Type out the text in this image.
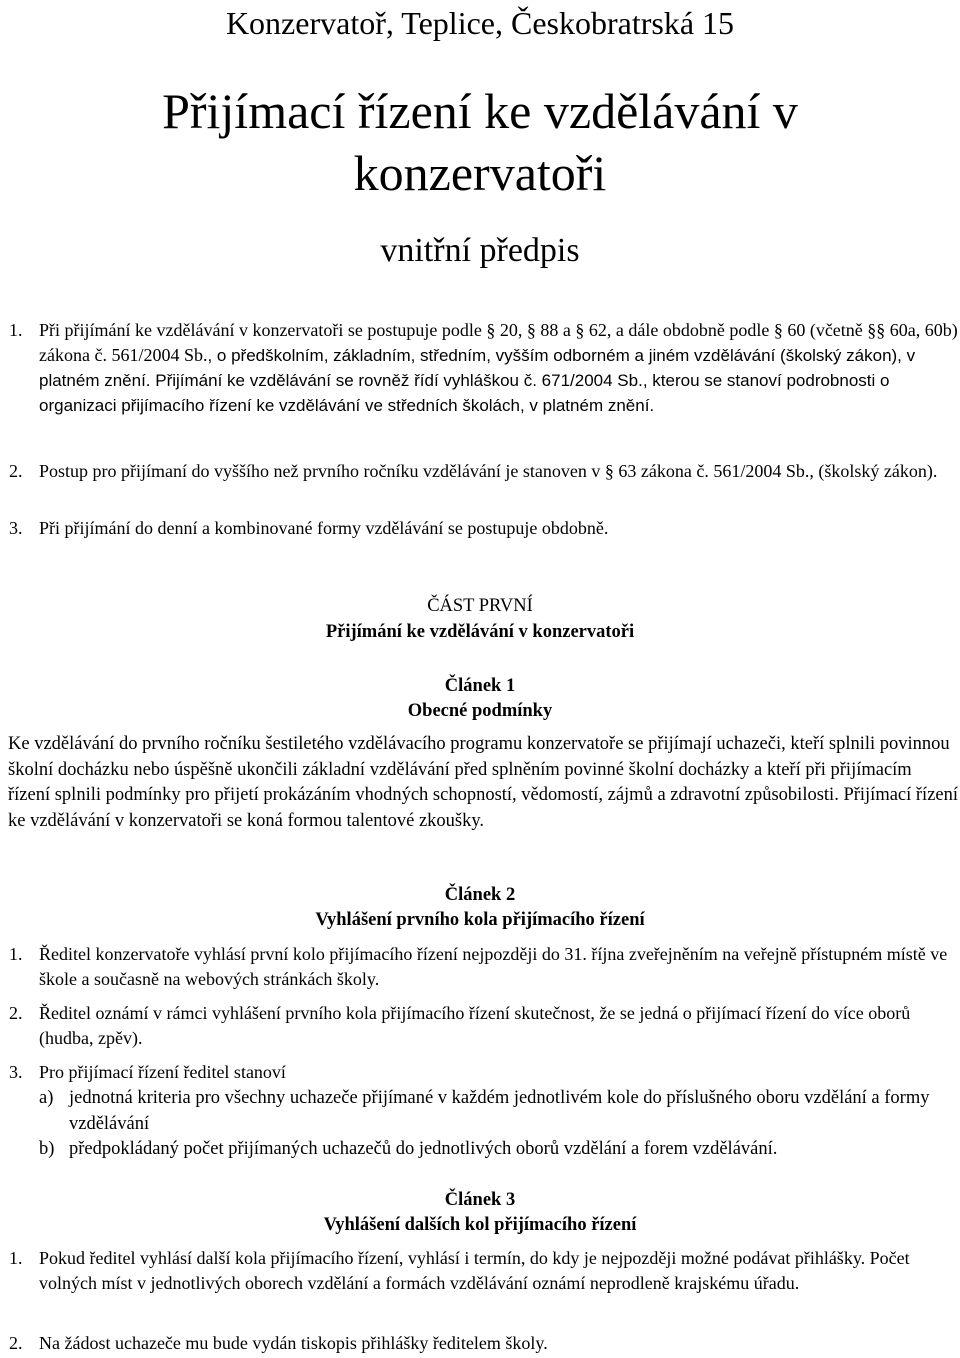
Konzervatoř, Teplice, Českobratrská 15
Přijímací řízení ke vzdělávání v
konzervatoři
vnitřní předpis
1. Při přijímání ke vzdělávání v konzervatoři se postupuje podle § 20, § 88 a § 62, a dále obdobně podle § 60 (včetně §§ 60a, 60b) zákona č. 561/2004 Sb., o předškolním, základním, středním, vyšším odborném a jiném vzdělávání (školský zákon), v platném znění. Přijímání ke vzdělávání se rovněž řídí vyhláškou č. 671/2004 Sb., kterou se stanoví podrobnosti o organizaci přijímacího řízení ke vzdělávání ve středních školách, v platném znění.
2. Postup pro přijímaní do vyššího než prvního ročníku vzdělávání je stanoven v § 63 zákona č. 561/2004 Sb., (školský zákon).
3. Při přijímání do denní a kombinované formy vzdělávání se postupuje obdobně.
ČÁST PRVNÍ
Přijímání ke vzdělávání v konzervatoři
Článek 1
Obecné podmínky
Ke vzdělávání do prvního ročníku šestiletého vzdělávacího programu konzervatoře se přijímají uchazeči, kteří splnili povinnou školní docházku nebo úspěšně ukončili základní vzdělávání před splněním povinné školní docházky a kteří při přijímacím řízení splnili podmínky pro přijetí prokázáním vhodných schopností, vědomostí, zájmů a zdravotní způsobilosti. Přijímací řízení ke vzdělávání v konzervatoři se koná formou talentové zkoušky.
Článek 2
Vyhlášení prvního kola přijímacího řízení
1. Ředitel konzervatoře vyhlásí první kolo přijímacího řízení nejpozději do 31. října zveřejněním na veřejně přístupném místě ve škole a současně na webových stránkách školy.
2. Ředitel oznámí v rámci vyhlášení prvního kola přijímacího řízení skutečnost, že se jedná o přijímací řízení do více oborů (hudba, zpěv).
3. Pro přijímací řízení ředitel stanoví
a) jednotná kriteria pro všechny uchazeče přijímané v každém jednotlivém kole do příslušného oboru vzdělání a formy vzdělávání
b) předpokládaný počet přijímaných uchazečů do jednotlivých oborů vzdělání a forem vzdělávání.
Článek 3
Vyhlášení dalších kol přijímacího řízení
1. Pokud ředitel vyhlásí další kola přijímacího řízení, vyhlásí i termín, do kdy je nejpozději možné podávat přihlášky. Počet volných míst v jednotlivých oborech vzdělání a formách vzdělávání oznámí neprodleně krajskému úřadu.
2. Na žádost uchazeče mu bude vydán tiskopis přihlášky ředitelem školy.
